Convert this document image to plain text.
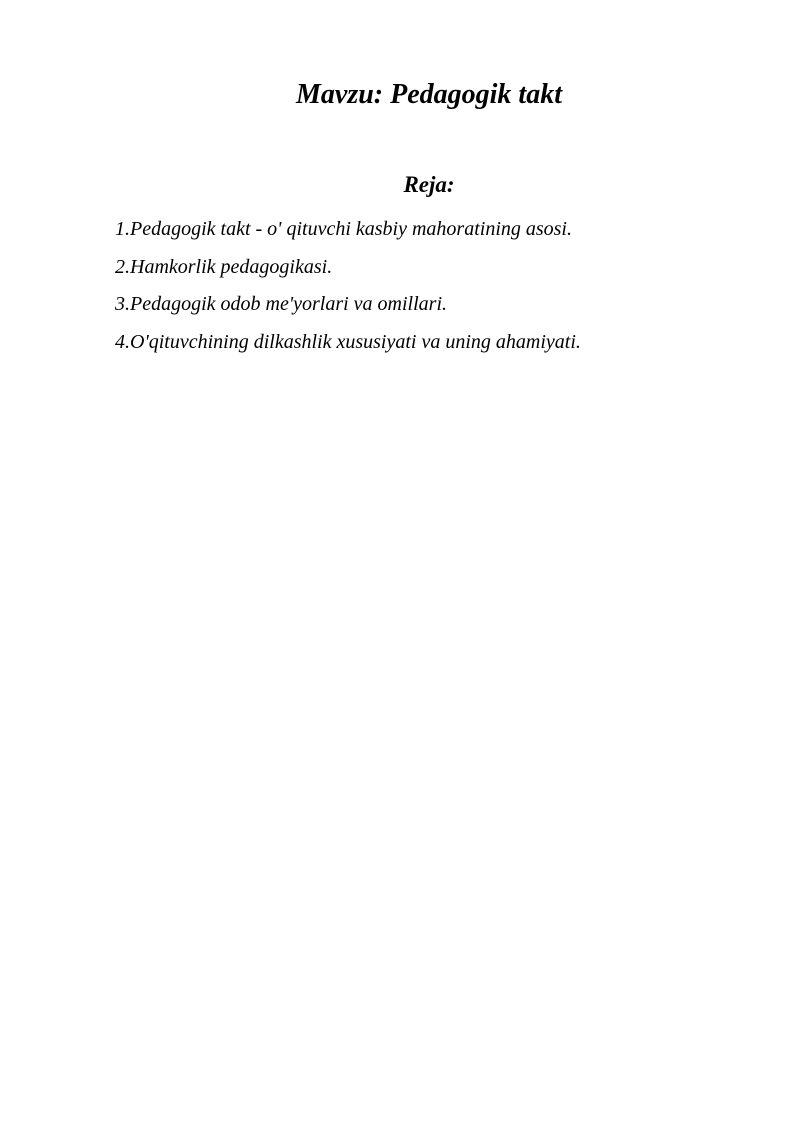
Mavzu: Pedagogik takt
Reja:
1.Pedagogik takt - o' qituvchi kasbiy mahoratining asosi.
2.Hamkorlik pedagogikasi.
3.Pedagogik odob me'yorlari va omillari.
4.O'qituvchining dilkashlik xususiyati va uning ahamiyati.
